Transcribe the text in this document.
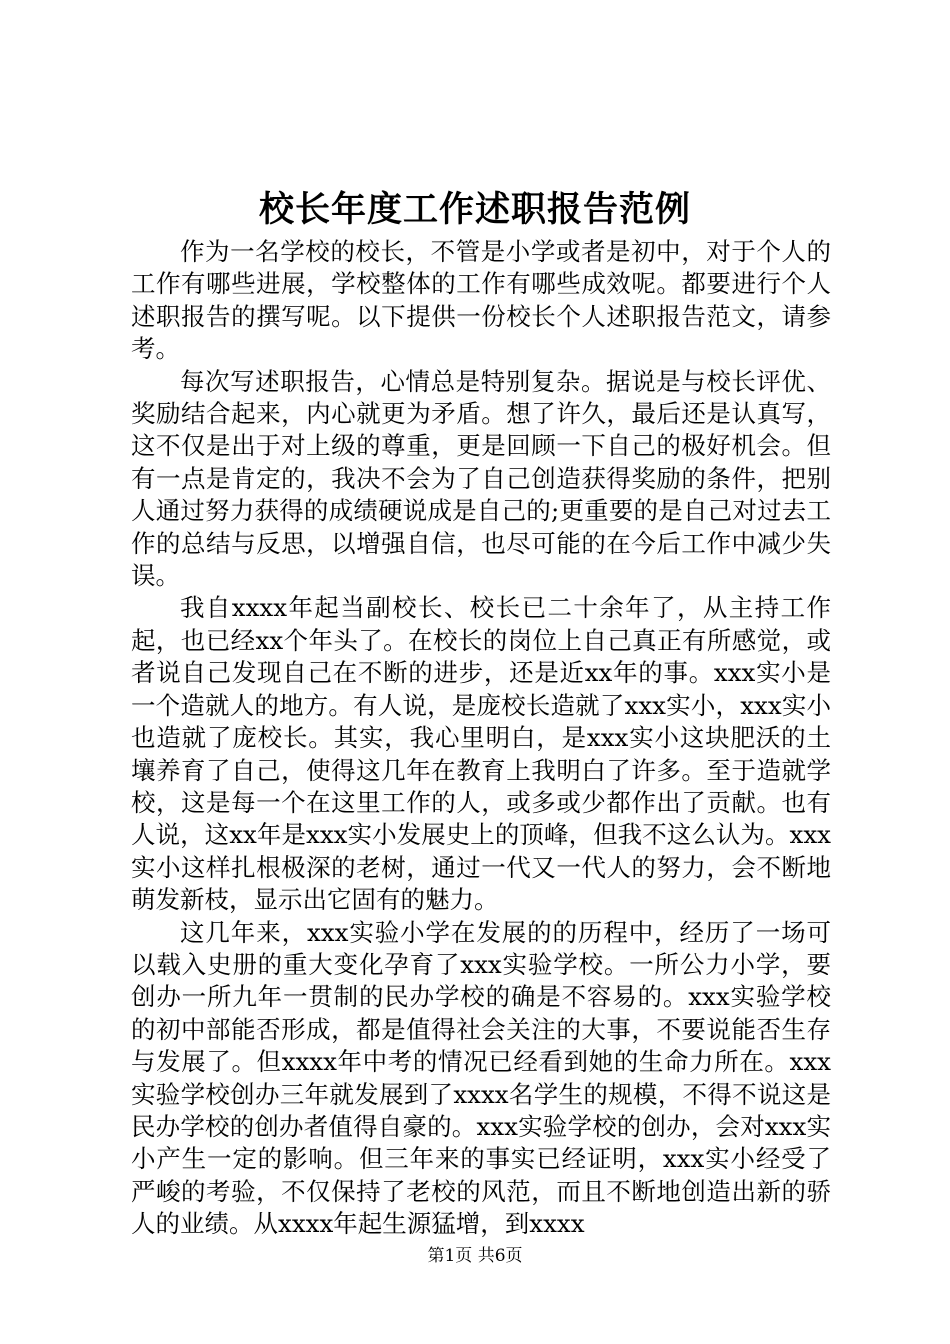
校长年度工作述职报告范例

作为一名学校的校长，不管是小学或者是初中，对于个人的工作有哪些进展，学校整体的工作有哪些成效呢。都要进行个人述职报告的撰写呢。以下提供一份校长个人述职报告范文，请参考。

每次写述职报告，心情总是特别复杂。据说是与校长评优、奖励结合起来，内心就更为矛盾。想了许久，最后还是认真写，这不仅是出于对上级的尊重，更是回顾一下自己的极好机会。但有一点是肯定的，我决不会为了自己创造获得奖励的条件，把别人通过努力获得的成绩硬说成是自己的;更重要的是自己对过去工作的总结与反思，以增强自信，也尽可能的在今后工作中减少失误。

我自xxxx年起当副校长、校长已二十余年了，从主持工作起，也已经xx个年头了。在校长的岗位上自己真正有所感觉，或者说自己发现自己在不断的进步，还是近xx年的事。xxx实小是一个造就人的地方。有人说，是庞校长造就了xxx实小，xxx实小也造就了庞校长。其实，我心里明白，是xxx实小这块肥沃的土壤养育了自己，使得这几年在教育上我明白了许多。至于造就学校，这是每一个在这里工作的人，或多或少都作出了贡献。也有人说，这xx年是xxx实小发展史上的顶峰，但我不这么认为。xxx实小这样扎根极深的老树，通过一代又一代人的努力，会不断地萌发新枝，显示出它固有的魅力。

这几年来，xxx实验小学在发展的的历程中，经历了一场可以载入史册的重大变化孕育了xxx实验学校。一所公力小学，要创办一所九年一贯制的民办学校的确是不容易的。xxx实验学校的初中部能否形成，都是值得社会关注的大事，不要说能否生存与发展了。但xxxx年中考的情况已经看到她的生命力所在。xxx实验学校创办三年就发展到了xxxx名学生的规模，不得不说这是民办学校的创办者值得自豪的。xxx实验学校的创办，会对xxx实小产生一定的影响。但三年来的事实已经证明，xxx实小经受了严峻的考验，不仅保持了老校的风范，而且不断地创造出新的骄人的业绩。从xxxx年起生源猛增，到xxxx

第1页 共6页
